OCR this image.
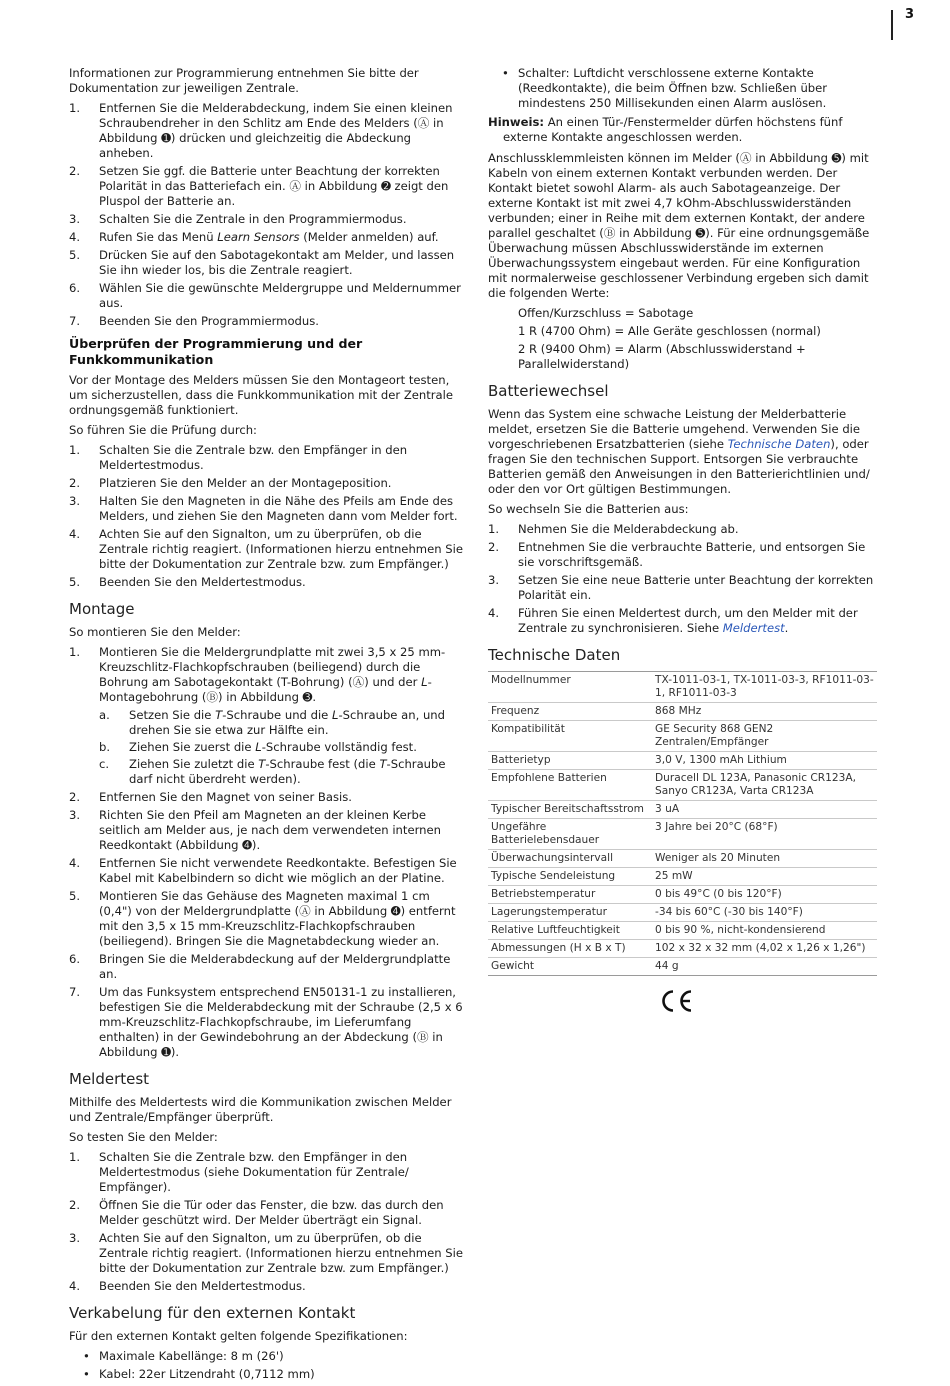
3

Informationen zur Programmierung entnehmen Sie bitte der Dokumentation zur jeweiligen Zentrale.

1. Entfernen Sie die Melderabdeckung, indem Sie einen kleinen Schraubendreher in den Schlitz am Ende des Melders (Ⓐ in Abbildung ➊) drücken und gleichzeitig die Abdeckung anheben.
2. Setzen Sie ggf. die Batterie unter Beachtung der korrekten Polarität in das Batteriefach ein. Ⓐ in Abbildung ➋ zeigt den Pluspol der Batterie an.
3. Schalten Sie die Zentrale in den Programmiermodus.
4. Rufen Sie das Menü Learn Sensors (Melder anmelden) auf.
5. Drücken Sie auf den Sabotagekontakt am Melder, und lassen Sie ihn wieder los, bis die Zentrale reagiert.
6. Wählen Sie die gewünschte Meldergruppe und Meldernummer aus.
7. Beenden Sie den Programmiermodus.
Überprüfen der Programmierung und der Funkkommunikation

Vor der Montage des Melders müssen Sie den Montageort testen, um sicherzustellen, dass die Funkkommunikation mit der Zentrale ordnungsgemäß funktioniert.

So führen Sie die Prüfung durch:

1. Schalten Sie die Zentrale bzw. den Empfänger in den Meldertestmodus.
2. Platzieren Sie den Melder an der Montageposition.
3. Halten Sie den Magneten in die Nähe des Pfeils am Ende des Melders, und ziehen Sie den Magneten dann vom Melder fort.
4. Achten Sie auf den Signalton, um zu überprüfen, ob die Zentrale richtig reagiert. (Informationen hierzu entnehmen Sie bitte der Dokumentation zur Zentrale bzw. zum Empfänger.)
5. Beenden Sie den Meldertestmodus.
Montage

So montieren Sie den Melder:

1. Montieren Sie die Meldergrundplatte mit zwei 3,5 x 25 mm-Kreuzschlitz-Flachkopfschrauben (beiliegend) durch die Bohrung am Sabotagekontakt (T-Bohrung) (Ⓐ) und der L-Montagebohrung (Ⓑ) in Abbildung ➌.
a. Setzen Sie die T-Schraube und die L-Schraube an, und drehen Sie sie etwa zur Hälfte ein.
b. Ziehen Sie zuerst die L-Schraube vollständig fest.
c. Ziehen Sie zuletzt die T-Schraube fest (die T-Schraube darf nicht überdreht werden).
2. Entfernen Sie den Magnet von seiner Basis.
3. Richten Sie den Pfeil am Magneten an der kleinen Kerbe seitlich am Melder aus, je nach dem verwendeten internen Reedkontakt (Abbildung ➍).
4. Entfernen Sie nicht verwendete Reedkontakte. Befestigen Sie Kabel mit Kabelbindern so dicht wie möglich an der Platine.
5. Montieren Sie das Gehäuse des Magneten maximal 1 cm (0,4") von der Meldergrundplatte (Ⓐ in Abbildung ➍) entfernt mit den 3,5 x 15 mm-Kreuzschlitz-Flachkopfschrauben (beiliegend). Bringen Sie die Magnetabdeckung wieder an.
6. Bringen Sie die Melderabdeckung auf der Meldergrundplatte an.
7. Um das Funksystem entsprechend EN50131-1 zu installieren, befestigen Sie die Melderabdeckung mit der Schraube (2,5 x 6 mm-Kreuzschlitz-Flachkopfschraube, im Lieferumfang enthalten) in der Gewindebohrung an der Abdeckung (Ⓑ in Abbildung ➊).
Meldertest

Mithilfe des Meldertests wird die Kommunikation zwischen Melder und Zentrale/Empfänger überprüft.

So testen Sie den Melder:

1. Schalten Sie die Zentrale bzw. den Empfänger in den Meldertestmodus (siehe Dokumentation für Zentrale/ Empfänger).
2. Öffnen Sie die Tür oder das Fenster, die bzw. das durch den Melder geschützt wird. Der Melder überträgt ein Signal.
3. Achten Sie auf den Signalton, um zu überprüfen, ob die Zentrale richtig reagiert. (Informationen hierzu entnehmen Sie bitte der Dokumentation zur Zentrale bzw. zum Empfänger.)
4. Beenden Sie den Meldertestmodus.
Verkabelung für den externen Kontakt

Für den externen Kontakt gelten folgende Spezifikationen:

• Maximale Kabellänge: 8 m (26')
• Kabel: 22er Litzendraht (0,7112 mm)
• Schalter: Luftdicht verschlossene externe Kontakte (Reedkontakte), die beim Öffnen bzw. Schließen über mindestens 250 Millisekunden einen Alarm auslösen.

Hinweis: An einen Tür-/Fenstermelder dürfen höchstens fünf externe Kontakte angeschlossen werden.

Anschlussklemmleisten können im Melder (Ⓐ in Abbildung ➎) mit Kabeln von einem externen Kontakt verbunden werden. Der Kontakt bietet sowohl Alarm- als auch Sabotageanzeige. Der externe Kontakt ist mit zwei 4,7 kOhm-Abschlusswiderständen verbunden; einer in Reihe mit dem externen Kontakt, der andere parallel geschaltet (Ⓑ in Abbildung ➎). Für eine ordnungsgemäße Überwachung müssen Abschlusswiderstände im externen Überwachungssystem eingebaut werden. Für eine Konfiguration mit normalerweise geschlossener Verbindung ergeben sich damit die folgenden Werte:

Offen/Kurzschluss = Sabotage
1 R (4700 Ohm) = Alle Geräte geschlossen (normal)
2 R (9400 Ohm) = Alarm (Abschlusswiderstand + Parallelwiderstand)
Batteriewechsel

Wenn das System eine schwache Leistung der Melderbatterie meldet, ersetzen Sie die Batterie umgehend. Verwenden Sie die vorgeschriebenen Ersatzbatterien (siehe Technische Daten), oder fragen Sie den technischen Support. Entsorgen Sie verbrauchte Batterien gemäß den Anweisungen in den Batterierichtlinien und/ oder den vor Ort gültigen Bestimmungen.

So wechseln Sie die Batterien aus:

1. Nehmen Sie die Melderabdeckung ab.
2. Entnehmen Sie die verbrauchte Batterie, und entsorgen Sie sie vorschriftsgemäß.
3. Setzen Sie eine neue Batterie unter Beachtung der korrekten Polarität ein.
4. Führen Sie einen Meldertest durch, um den Melder mit der Zentrale zu synchronisieren. Siehe Meldertest.
Technische Daten
Modellnummer	TX-1011-03-1, TX-1011-03-3, RF1011-03-1, RF1011-03-3
Frequenz	868 MHz
Kompatibilität	GE Security 868 GEN2 Zentralen/Empfänger
Batterietyp	3,0 V, 1300 mAh Lithium
Empfohlene Batterien	Duracell DL 123A, Panasonic CR123A, Sanyo CR123A, Varta CR123A
Typischer Bereitschaftsstrom	3 uA
Ungefähre Batterielebensdauer	3 Jahre bei 20°C (68°F)
Überwachungsintervall	Weniger als 20 Minuten
Typische Sendeleistung	25 mW
Betriebstemperatur	0 bis 49°C (0 bis 120°F)
Lagerungstemperatur	-34 bis 60°C (-30 bis 140°F)
Relative Luftfeuchtigkeit	0 bis 90 %, nicht-kondensierend
Abmessungen (H x B x T)	102 x 32 x 32 mm (4,02 x 1,26 x 1,26")
Gewicht	44 g
